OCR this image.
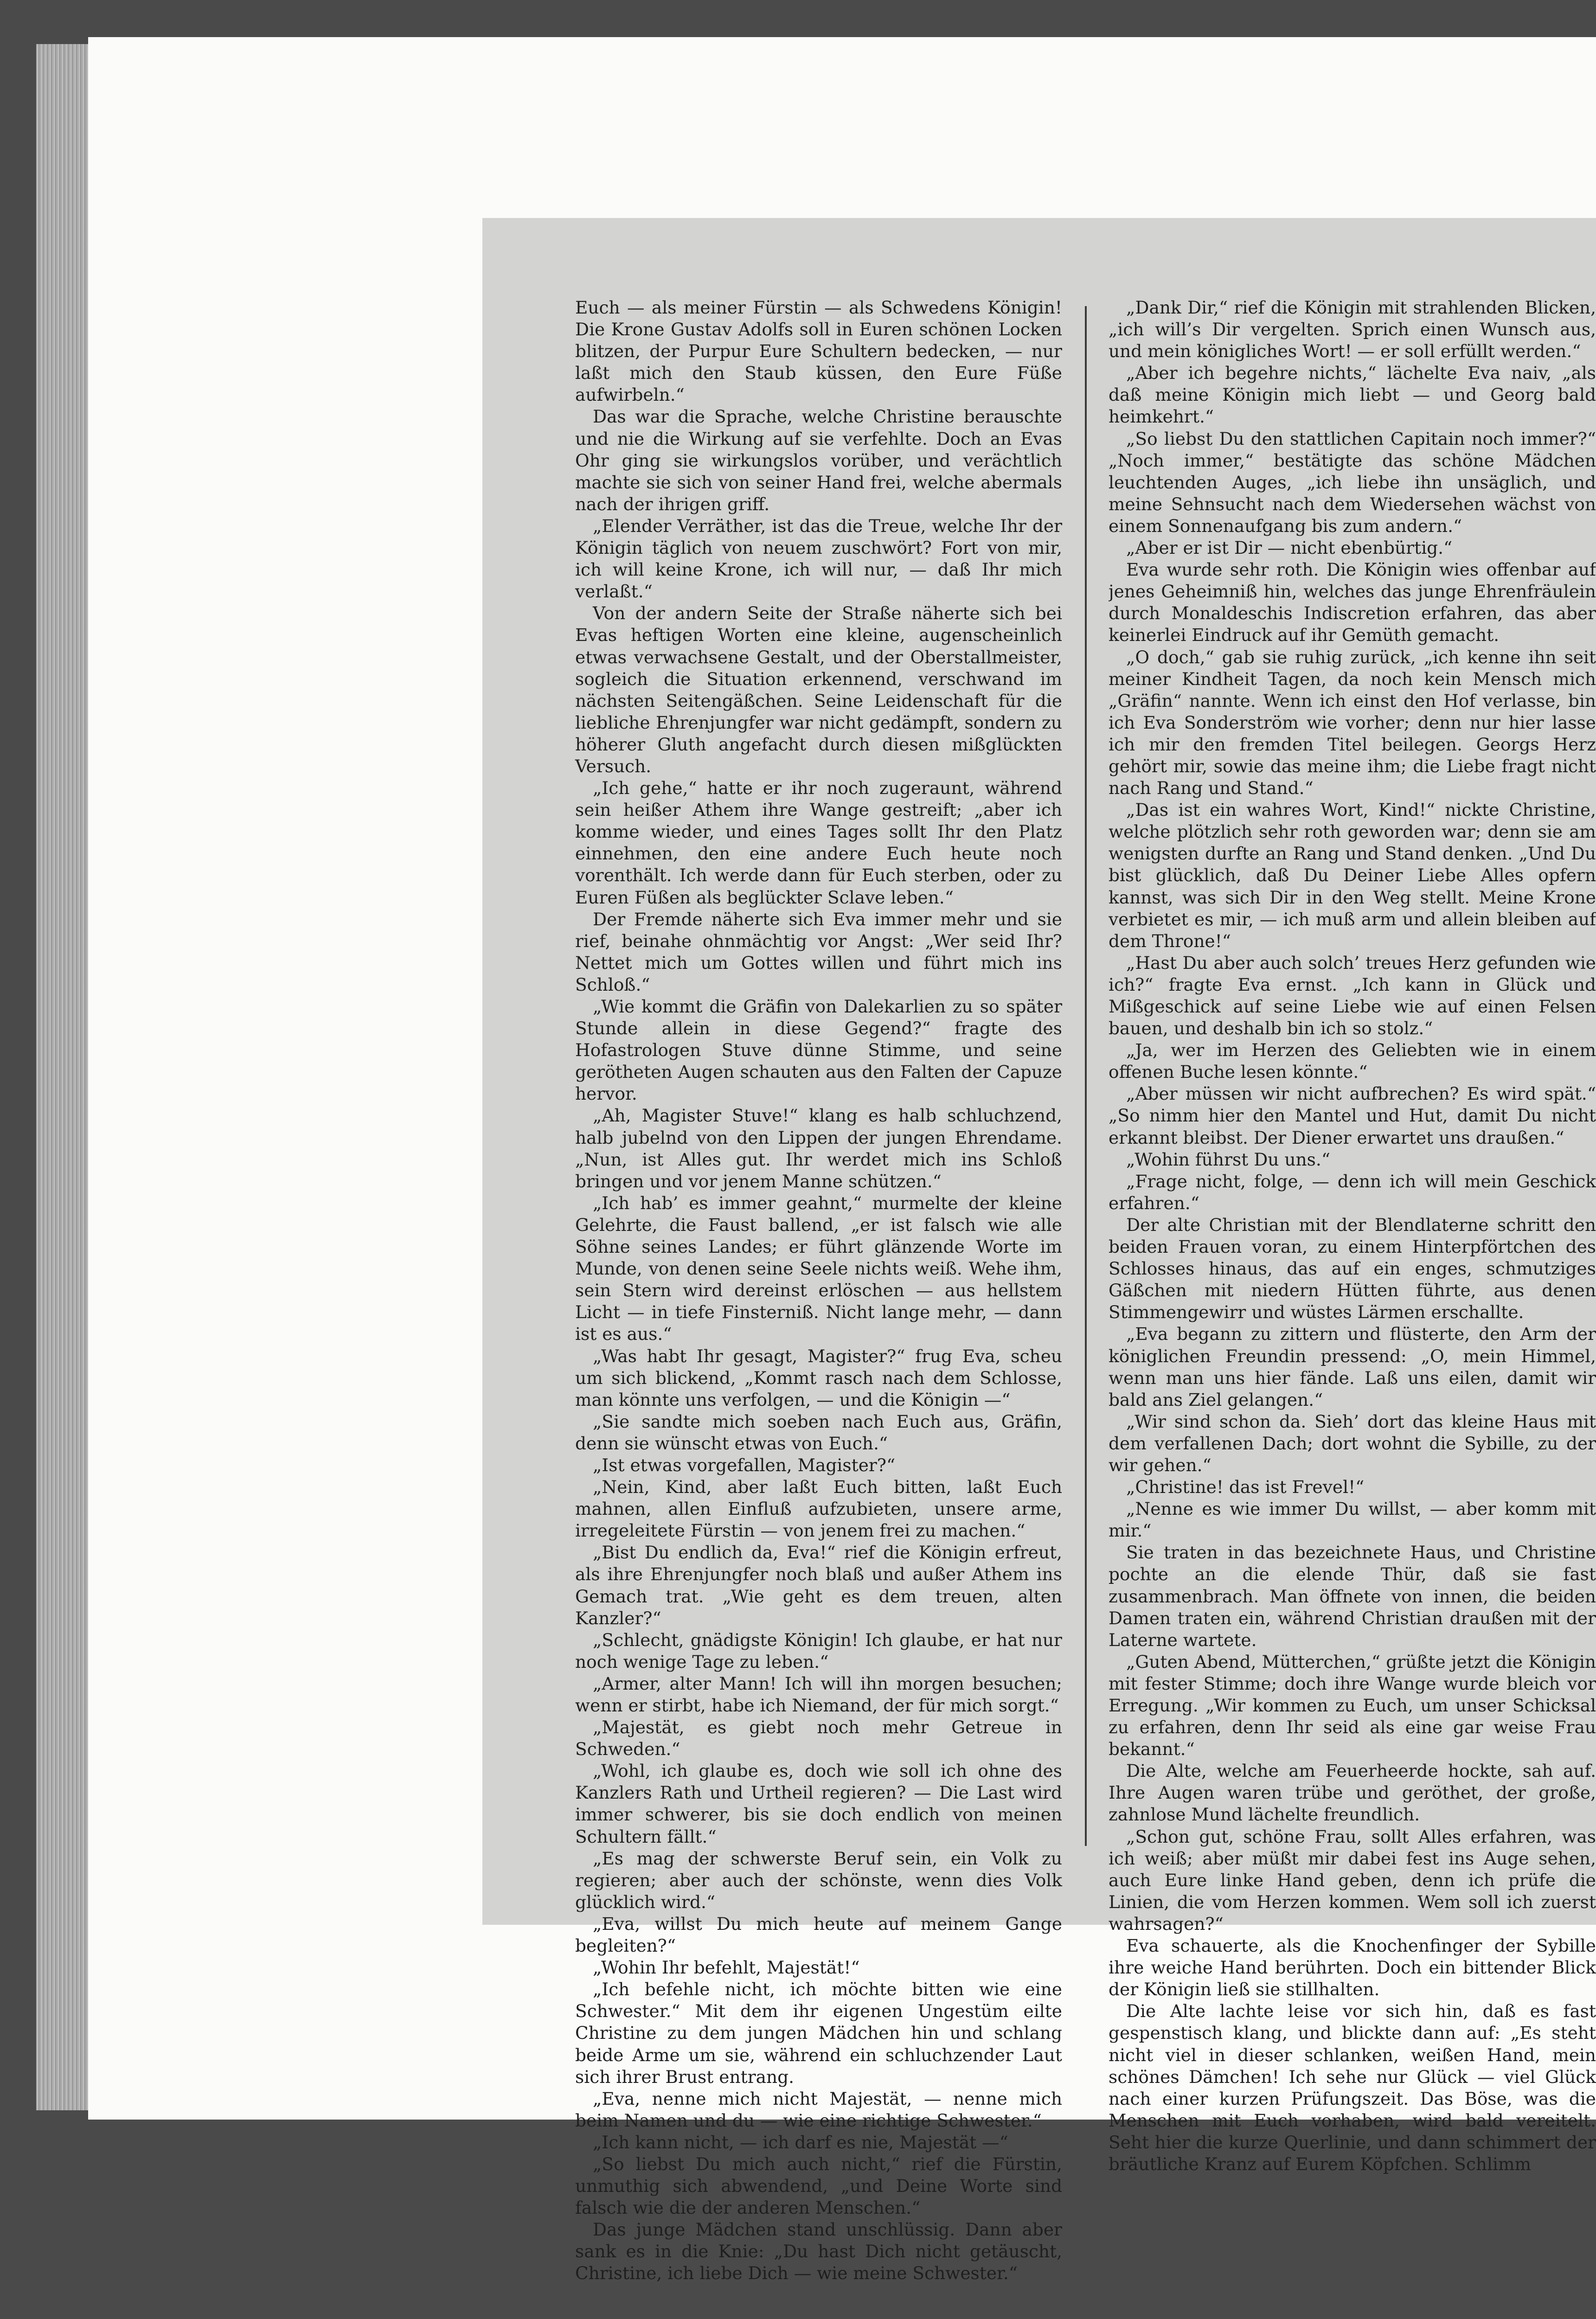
Euch — als meiner Fürstin — als Schwedens Königin! Die Krone Gustav Adolfs soll in Euren schönen Locken blitzen, der Purpur Eure Schultern bedecken, — nur laßt mich den Staub küssen, den Eure Füße aufwirbeln.“

Das war die Sprache, welche Christine berauschte und nie die Wirkung auf sie verfehlte. Doch an Evas Ohr ging sie wirkungslos vorüber, und verächtlich machte sie sich von seiner Hand frei, welche abermals nach der ihrigen griff.

„Elender Verräther, ist das die Treue, welche Ihr der Königin täglich von neuem zuschwört? Fort von mir, ich will keine Krone, ich will nur, — daß Ihr mich verlaßt.“

Von der andern Seite der Straße näherte sich bei Evas heftigen Worten eine kleine, augenscheinlich etwas verwachsene Gestalt, und der Oberstallmeister, sogleich die Situation erkennend, verschwand im nächsten Seitengäßchen. Seine Leidenschaft für die liebliche Ehrenjungfer war nicht gedämpft, sondern zu höherer Gluth angefacht durch diesen mißglückten Versuch.

„Ich gehe,“ hatte er ihr noch zugeraunt, während sein heißer Athem ihre Wange gestreift; „aber ich komme wieder, und eines Tages sollt Ihr den Platz einnehmen, den eine andere Euch heute noch vorenthält. Ich werde dann für Euch sterben, oder zu Euren Füßen als beglückter Sclave leben.“

Der Fremde näherte sich Eva immer mehr und sie rief, beinahe ohnmächtig vor Angst: „Wer seid Ihr? Nettet mich um Gottes willen und führt mich ins Schloß.“

„Wie kommt die Gräfin von Dalekarlien zu so später Stunde allein in diese Gegend?“ fragte des Hofastrologen Stuve dünne Stimme, und seine gerötheten Augen schauten aus den Falten der Capuze hervor.

„Ah, Magister Stuve!“ klang es halb schluchzend, halb jubelnd von den Lippen der jungen Ehrendame. „Nun, ist Alles gut. Ihr werdet mich ins Schloß bringen und vor jenem Manne schützen.“

„Ich hab’ es immer geahnt,“ murmelte der kleine Gelehrte, die Faust ballend, „er ist falsch wie alle Söhne seines Landes; er führt glänzende Worte im Munde, von denen seine Seele nichts weiß. Wehe ihm, sein Stern wird dereinst erlöschen — aus hellstem Licht — in tiefe Finsterniß. Nicht lange mehr, — dann ist es aus.“

„Was habt Ihr gesagt, Magister?“ frug Eva, scheu um sich blickend, „Kommt rasch nach dem Schlosse, man könnte uns verfolgen, — und die Königin —“

„Sie sandte mich soeben nach Euch aus, Gräfin, denn sie wünscht etwas von Euch.“

„Ist etwas vorgefallen, Magister?“

„Nein, Kind, aber laßt Euch bitten, laßt Euch mahnen, allen Einfluß aufzubieten, unsere arme, irregeleitete Fürstin — von jenem frei zu machen.“

„Bist Du endlich da, Eva!“ rief die Königin erfreut, als ihre Ehrenjungfer noch blaß und außer Athem ins Gemach trat. „Wie geht es dem treuen, alten Kanzler?“

„Schlecht, gnädigste Königin! Ich glaube, er hat nur noch wenige Tage zu leben.“

„Armer, alter Mann! Ich will ihn morgen besuchen; wenn er stirbt, habe ich Niemand, der für mich sorgt.“

„Majestät, es giebt noch mehr Getreue in Schweden.“

„Wohl, ich glaube es, doch wie soll ich ohne des Kanzlers Rath und Urtheil regieren? — Die Last wird immer schwerer, bis sie doch endlich von meinen Schultern fällt.“

„Es mag der schwerste Beruf sein, ein Volk zu regieren; aber auch der schönste, wenn dies Volk glücklich wird.“

„Eva, willst Du mich heute auf meinem Gange begleiten?“

„Wohin Ihr befehlt, Majestät!“

„Ich befehle nicht, ich möchte bitten wie eine Schwester.“ Mit dem ihr eigenen Ungestüm eilte Christine zu dem jungen Mädchen hin und schlang beide Arme um sie, während ein schluchzender Laut sich ihrer Brust entrang.

„Eva, nenne mich nicht Majestät, — nenne mich beim Namen und du — wie eine richtige Schwester.“

„Ich kann nicht, — ich darf es nie, Majestät —“

„So liebst Du mich auch nicht,“ rief die Fürstin, unmuthig sich abwendend, „und Deine Worte sind falsch wie die der anderen Menschen.“

Das junge Mädchen stand unschlüssig. Dann aber sank es in die Knie: „Du hast Dich nicht getäuscht, Christine, ich liebe Dich — wie meine Schwester.“

„Dank Dir,“ rief die Königin mit strahlenden Blicken, „ich will’s Dir vergelten. Sprich einen Wunsch aus, und mein königliches Wort! — er soll erfüllt werden.“

„Aber ich begehre nichts,“ lächelte Eva naiv, „als daß meine Königin mich liebt — und Georg bald heimkehrt.“

„So liebst Du den stattlichen Capitain noch immer?“ „Noch immer,“ bestätigte das schöne Mädchen leuchtenden Auges, „ich liebe ihn unsäglich, und meine Sehnsucht nach dem Wiedersehen wächst von einem Sonnenaufgang bis zum andern.“

„Aber er ist Dir — nicht ebenbürtig.“

Eva wurde sehr roth. Die Königin wies offenbar auf jenes Geheimniß hin, welches das junge Ehrenfräulein durch Monaldeschis Indiscretion erfahren, das aber keinerlei Eindruck auf ihr Gemüth gemacht.

„O doch,“ gab sie ruhig zurück, „ich kenne ihn seit meiner Kindheit Tagen, da noch kein Mensch mich „Gräfin“ nannte. Wenn ich einst den Hof verlasse, bin ich Eva Sonderström wie vorher; denn nur hier lasse ich mir den fremden Titel beilegen. Georgs Herz gehört mir, sowie das meine ihm; die Liebe fragt nicht nach Rang und Stand.“

„Das ist ein wahres Wort, Kind!“ nickte Christine, welche plötzlich sehr roth geworden war; denn sie am wenigsten durfte an Rang und Stand denken. „Und Du bist glücklich, daß Du Deiner Liebe Alles opfern kannst, was sich Dir in den Weg stellt. Meine Krone verbietet es mir, — ich muß arm und allein bleiben auf dem Throne!“

„Hast Du aber auch solch’ treues Herz gefunden wie ich?“ fragte Eva ernst. „Ich kann in Glück und Mißgeschick auf seine Liebe wie auf einen Felsen bauen, und deshalb bin ich so stolz.“

„Ja, wer im Herzen des Geliebten wie in einem offenen Buche lesen könnte.“

„Aber müssen wir nicht aufbrechen? Es wird spät.“ „So nimm hier den Mantel und Hut, damit Du nicht erkannt bleibst. Der Diener erwartet uns draußen.“

„Wohin führst Du uns.“

„Frage nicht, folge, — denn ich will mein Geschick erfahren.“

Der alte Christian mit der Blendlaterne schritt den beiden Frauen voran, zu einem Hinterpförtchen des Schlosses hinaus, das auf ein enges, schmutziges Gäßchen mit niedern Hütten führte, aus denen Stimmengewirr und wüstes Lärmen erschallte.

„Eva begann zu zittern und flüsterte, den Arm der königlichen Freundin pressend: „O, mein Himmel, wenn man uns hier fände. Laß uns eilen, damit wir bald ans Ziel gelangen.“

„Wir sind schon da. Sieh’ dort das kleine Haus mit dem verfallenen Dach; dort wohnt die Sybille, zu der wir gehen.“

„Christine! das ist Frevel!“

„Nenne es wie immer Du willst, — aber komm mit mir.“

Sie traten in das bezeichnete Haus, und Christine pochte an die elende Thür, daß sie fast zusammenbrach. Man öffnete von innen, die beiden Damen traten ein, während Christian draußen mit der Laterne wartete.

„Guten Abend, Mütterchen,“ grüßte jetzt die Königin mit fester Stimme; doch ihre Wange wurde bleich vor Erregung. „Wir kommen zu Euch, um unser Schicksal zu erfahren, denn Ihr seid als eine gar weise Frau bekannt.“

Die Alte, welche am Feuerheerde hockte, sah auf. Ihre Augen waren trübe und geröthet, der große, zahnlose Mund lächelte freundlich.

„Schon gut, schöne Frau, sollt Alles erfahren, was ich weiß; aber müßt mir dabei fest ins Auge sehen, auch Eure linke Hand geben, denn ich prüfe die Linien, die vom Herzen kommen. Wem soll ich zuerst wahrsagen?“

Eva schauerte, als die Knochenfinger der Sybille ihre weiche Hand berührten. Doch ein bittender Blick der Königin ließ sie stillhalten.

Die Alte lachte leise vor sich hin, daß es fast gespenstisch klang, und blickte dann auf: „Es steht nicht viel in dieser schlanken, weißen Hand, mein schönes Dämchen! Ich sehe nur Glück — viel Glück nach einer kurzen Prüfungszeit. Das Böse, was die Menschen mit Euch vorhaben, wird bald vereitelt. Seht hier die kurze Querlinie, und dann schimmert der bräutliche Kranz auf Eurem Köpfchen. Schlimm
